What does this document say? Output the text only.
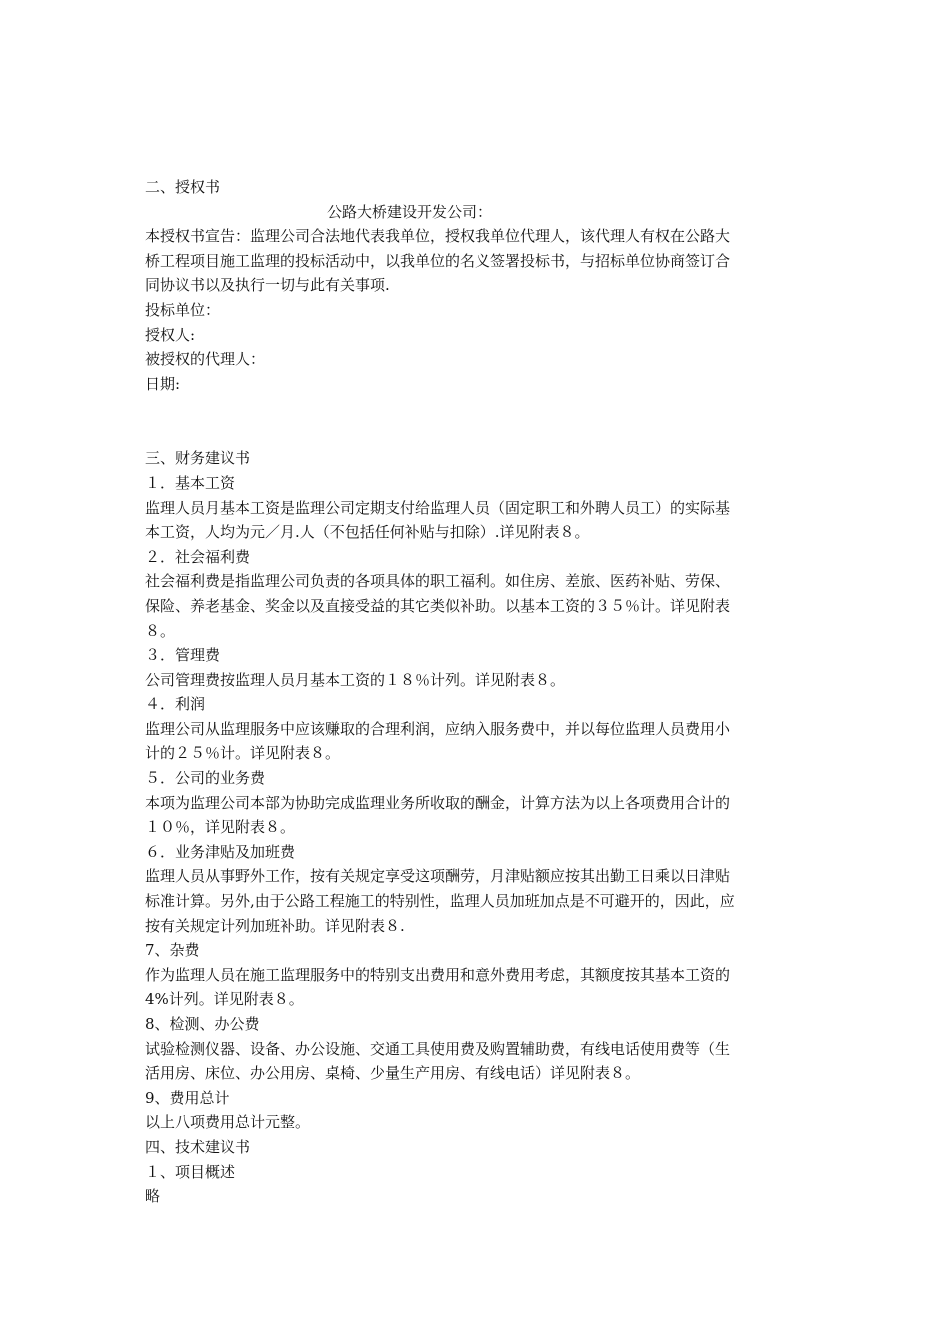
二、授权书
公路大桥建设开发公司：
本授权书宣告：监理公司合法地代表我单位，授权我单位代理人，该代理人有权在公路大
桥工程项目施工监理的投标活动中，以我单位的名义签署投标书，与招标单位协商签订合
同协议书以及执行一切与此有关事项.
投标单位：
授权人:
被授权的代理人：
日期:
三、财务建议书
１．基本工资
监理人员月基本工资是监理公司定期支付给监理人员（固定职工和外聘人员工）的实际基
本工资，人均为元／月.人（不包括任何补贴与扣除）.详见附表８。
２．社会福利费
社会福利费是指监理公司负责的各项具体的职工福利。如住房、差旅、医药补贴、劳保、
保险、养老基金、奖金以及直接受益的其它类似补助。以基本工资的３５％计。详见附表
８。
３．管理费
公司管理费按监理人员月基本工资的１８％计列。详见附表８。
４．利润
监理公司从监理服务中应该赚取的合理利润，应纳入服务费中，并以每位监理人员费用小
计的２５％计。详见附表８。
５．公司的业务费
本项为监理公司本部为协助完成监理业务所收取的酬金，计算方法为以上各项费用合计的
１０％，详见附表８。
６．业务津贴及加班费
监理人员从事野外工作，按有关规定享受这项酬劳，月津贴额应按其出勤工日乘以日津贴
标准计算。另外,由于公路工程施工的特别性，监理人员加班加点是不可避开的，因此，应
按有关规定计列加班补助。详见附表８.
7、杂费
作为监理人员在施工监理服务中的特别支出费用和意外费用考虑，其额度按其基本工资的
4%计列。详见附表８。
8、检测、办公费
试验检测仪器、设备、办公设施、交通工具使用费及购置辅助费，有线电话使用费等（生
活用房、床位、办公用房、桌椅、少量生产用房、有线电话）详见附表８。
9、费用总计
以上八项费用总计元整。
四、技术建议书
１、项目概述
略
